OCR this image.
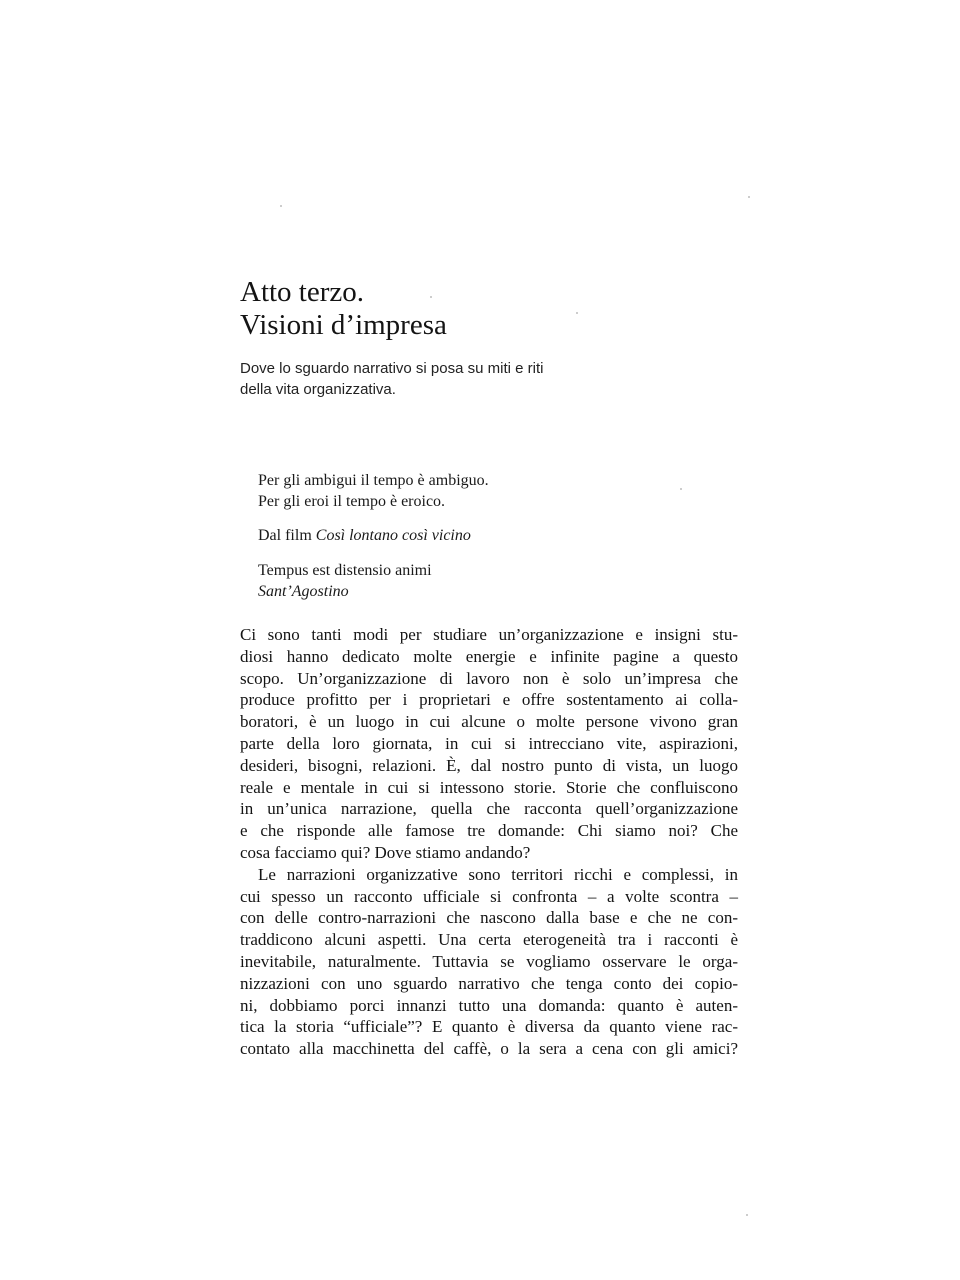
Atto terzo.
Visioni d’impresa

Dove lo sguardo narrativo si posa su miti e riti
della vita organizzativa.

Per gli ambigui il tempo è ambiguo.
Per gli eroi il tempo è eroico.
Dal film Così lontano così vicino
Tempus est distensio animi
Sant’Agostino
Ci sono tanti modi per studiare un’organizzazione e insigni stu-
diosi hanno dedicato molte energie e infinite pagine a questo
scopo. Un’organizzazione di lavoro non è solo un’impresa che
produce profitto per i proprietari e offre sostentamento ai colla-
boratori, è un luogo in cui alcune o molte persone vivono gran
parte della loro giornata, in cui si intrecciano vite, aspirazioni,
desideri, bisogni, relazioni. È, dal nostro punto di vista, un luogo
reale e mentale in cui si intessono storie. Storie che confluiscono
in un’unica narrazione, quella che racconta quell’organizzazione
e che risponde alle famose tre domande: Chi siamo noi? Che
cosa facciamo qui? Dove stiamo andando?
Le narrazioni organizzative sono territori ricchi e complessi, in
cui spesso un racconto ufficiale si confronta – a volte scontra –
con delle contro-narrazioni che nascono dalla base e che ne con-
traddicono alcuni aspetti. Una certa eterogeneità tra i racconti è
inevitabile, naturalmente. Tuttavia se vogliamo osservare le orga-
nizzazioni con uno sguardo narrativo che tenga conto dei copio-
ni, dobbiamo porci innanzi tutto una domanda: quanto è auten-
tica la storia “ufficiale”? E quanto è diversa da quanto viene rac-
contato alla macchinetta del caffè, o la sera a cena con gli amici?
